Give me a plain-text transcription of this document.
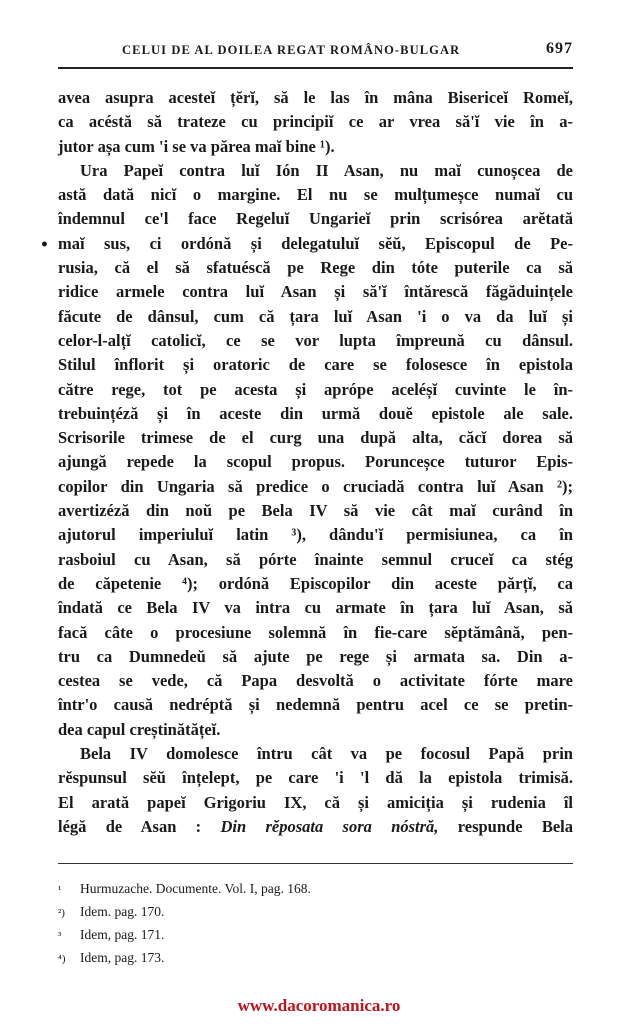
CELUI DE AL DOILEA REGAT ROMÂNO-BULGAR	697
•
avea asupra acesteĭ țĕrĭ, să le las în mâna Bisericeĭ Romeĭ,
ca acéstă să trateze cu principiĭ ce ar vrea să'ĭ vie în a-
jutor așa cum 'i se va părea maĭ bine ¹).
Ura Papeĭ contra luĭ Ión II Asan, nu maĭ cunoșcea de
astă dată nicĭ o margine. El nu se mulțumeșce numaĭ cu
îndemnul ce'l face Regeluĭ Ungarieĭ prin scrisórea arĕtată
maĭ sus, ci ordónă și delegatuluĭ sĕŭ, Episcopul de Pe-
rusia, că el să sfatuéscă pe Rege din tóte puterile ca să
ridice armele contra luĭ Asan și să'ĭ întărescă făgăduințele
făcute de dânsul, cum că țara luĭ Asan 'i o va da luĭ și
celor-l-alțĭ catolicĭ, ce se vor lupta împreună cu dânsul.
Stilul înflorit și oratoric de care se folosesce în epistola
către rege, tot pe acesta și aprópe aceléșĭ cuvinte le în-
trebuințéză și în aceste din urmă douĕ epistole ale sale.
Scrisorile trimese de el curg una după alta, căcĭ dorea să
ajungă repede la scopul propus. Porunceșce tuturor Epis-
copilor din Ungaria să predice o cruciadă contra luĭ Asan ²);
avertizéză din noŭ pe Bela IV să vie cât maĭ curând în
ajutorul imperiuluĭ latin ³), dându'ĭ permisiunea, ca în
rasboiul cu Asan, să pórte înainte semnul cruceĭ ca stég
de căpetenie ⁴); ordónă Episcopilor din aceste părțĭ, ca
îndată ce Bela IV va intra cu armate în țara luĭ Asan, să
facă câte o procesiune solemnă în fie-care sĕptămână, pen-
tru ca Dumnedeŭ să ajute pe rege și armata sa. Din a-
cestea se vede, că Papa desvoltă o activitate fórte mare
într'o causă nedréptă și nedemnă pentru acel ce se pretin-
dea capul creștinătățeĭ.
Bela IV domolesce întru cât va pe focosul Papă prin
rĕspunsul sĕŭ înțelept, pe care 'i 'l dă la epistola trimisă.
El arată papeĭ Grigoriu IX, că și amiciția și rudenia îl
légă de Asan : Din rĕposata sora nóstră, respunde Bela
¹ Hurmuzache. Documente. Vol. I, pag. 168.
²) Idem. pag. 170.
³ Idem, pag. 171.
⁴) Idem, pag. 173.
www.dacoromanica.ro
